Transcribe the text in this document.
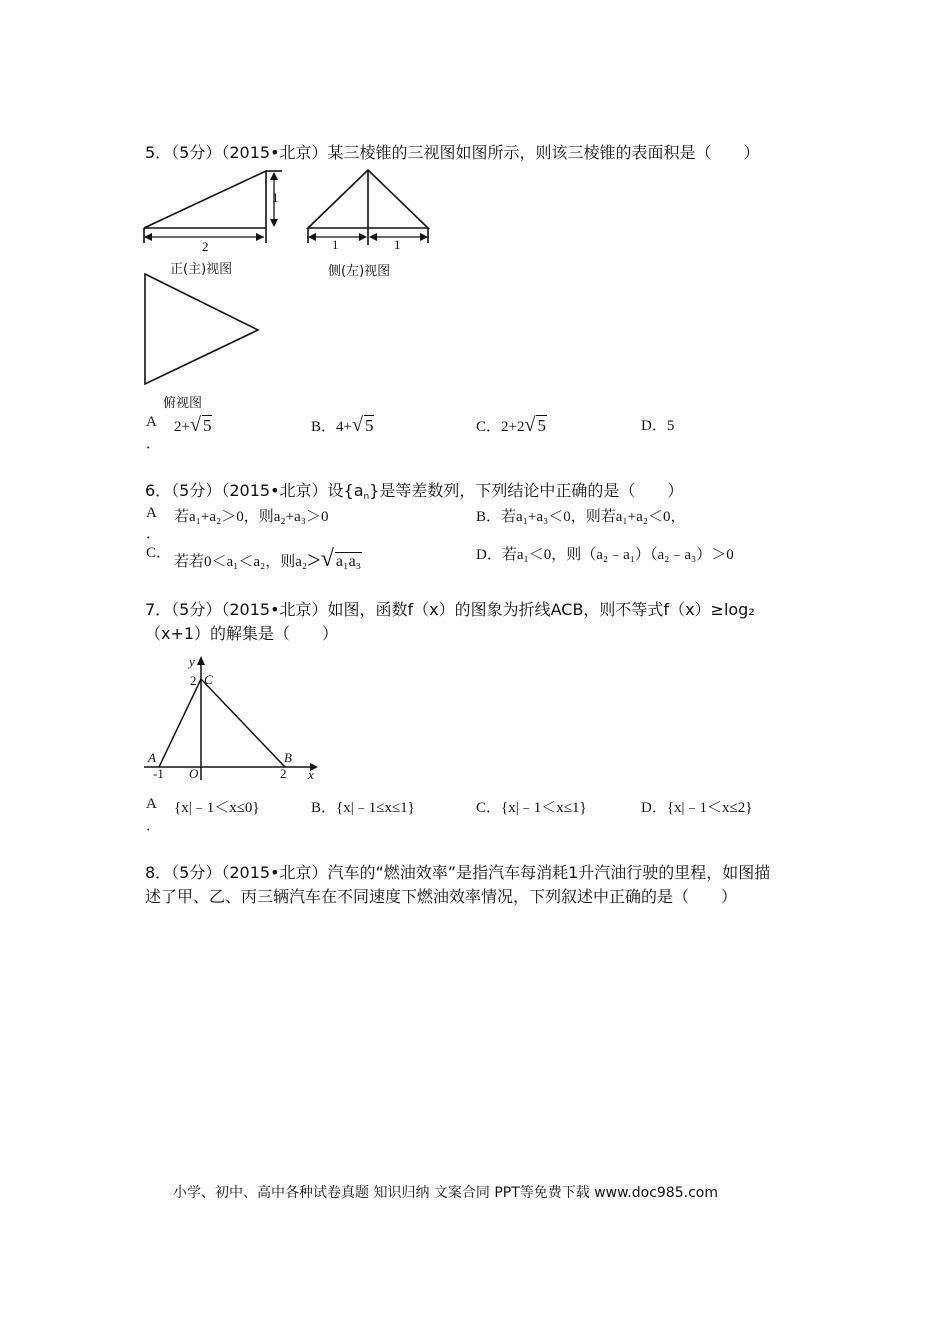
5．（5分）（2015•北京）某三棱锥的三视图如图所示，则该三棱锥的表面积是（　　）
2
1
正(主)视图
1	1
侧(左)视图
俯视图
A
．
2+√ 5	B．4+√ 5	C．2+2√ 5	D．5
6．（5分）（2015•北京）设$\{a_n\}$是等差数列，下列结论中正确的是（　　）
A
．
若a₁+a₂＞0，则a₂+a₃＞0	B．若a₁+a₃＜0，则若a₁+a₂＜0，
C．
若若0＜a₁＜a₂，则a₂>√ a₁a₃	D．若a₁＜0，则（a₂﹣a₁）（a₂﹣a₃）＞0
7．（5分）（2015•北京）如图，函数f（x）的图象为折线ACB，则不等式f（x）≥log₂
（x+1）的解集是（　　）
y
x
C
A	B
O
-1	2
2
A
．
{x|﹣1＜x≤0}	B．{x|﹣1≤x≤1}	C．{x|﹣1＜x≤1}	D．{x|﹣1＜x≤2}
8．（5分）（2015•北京）汽车的“燃油效率”是指汽车每消耗1升汽油行驶的里程，如图描
述了甲、乙、丙三辆汽车在不同速度下燃油效率情况，下列叙述中正确的是（　　）
小学、初中、高中各种试卷真题 知识归纳 文案合同 PPT等免费下载 www.doc985.com
